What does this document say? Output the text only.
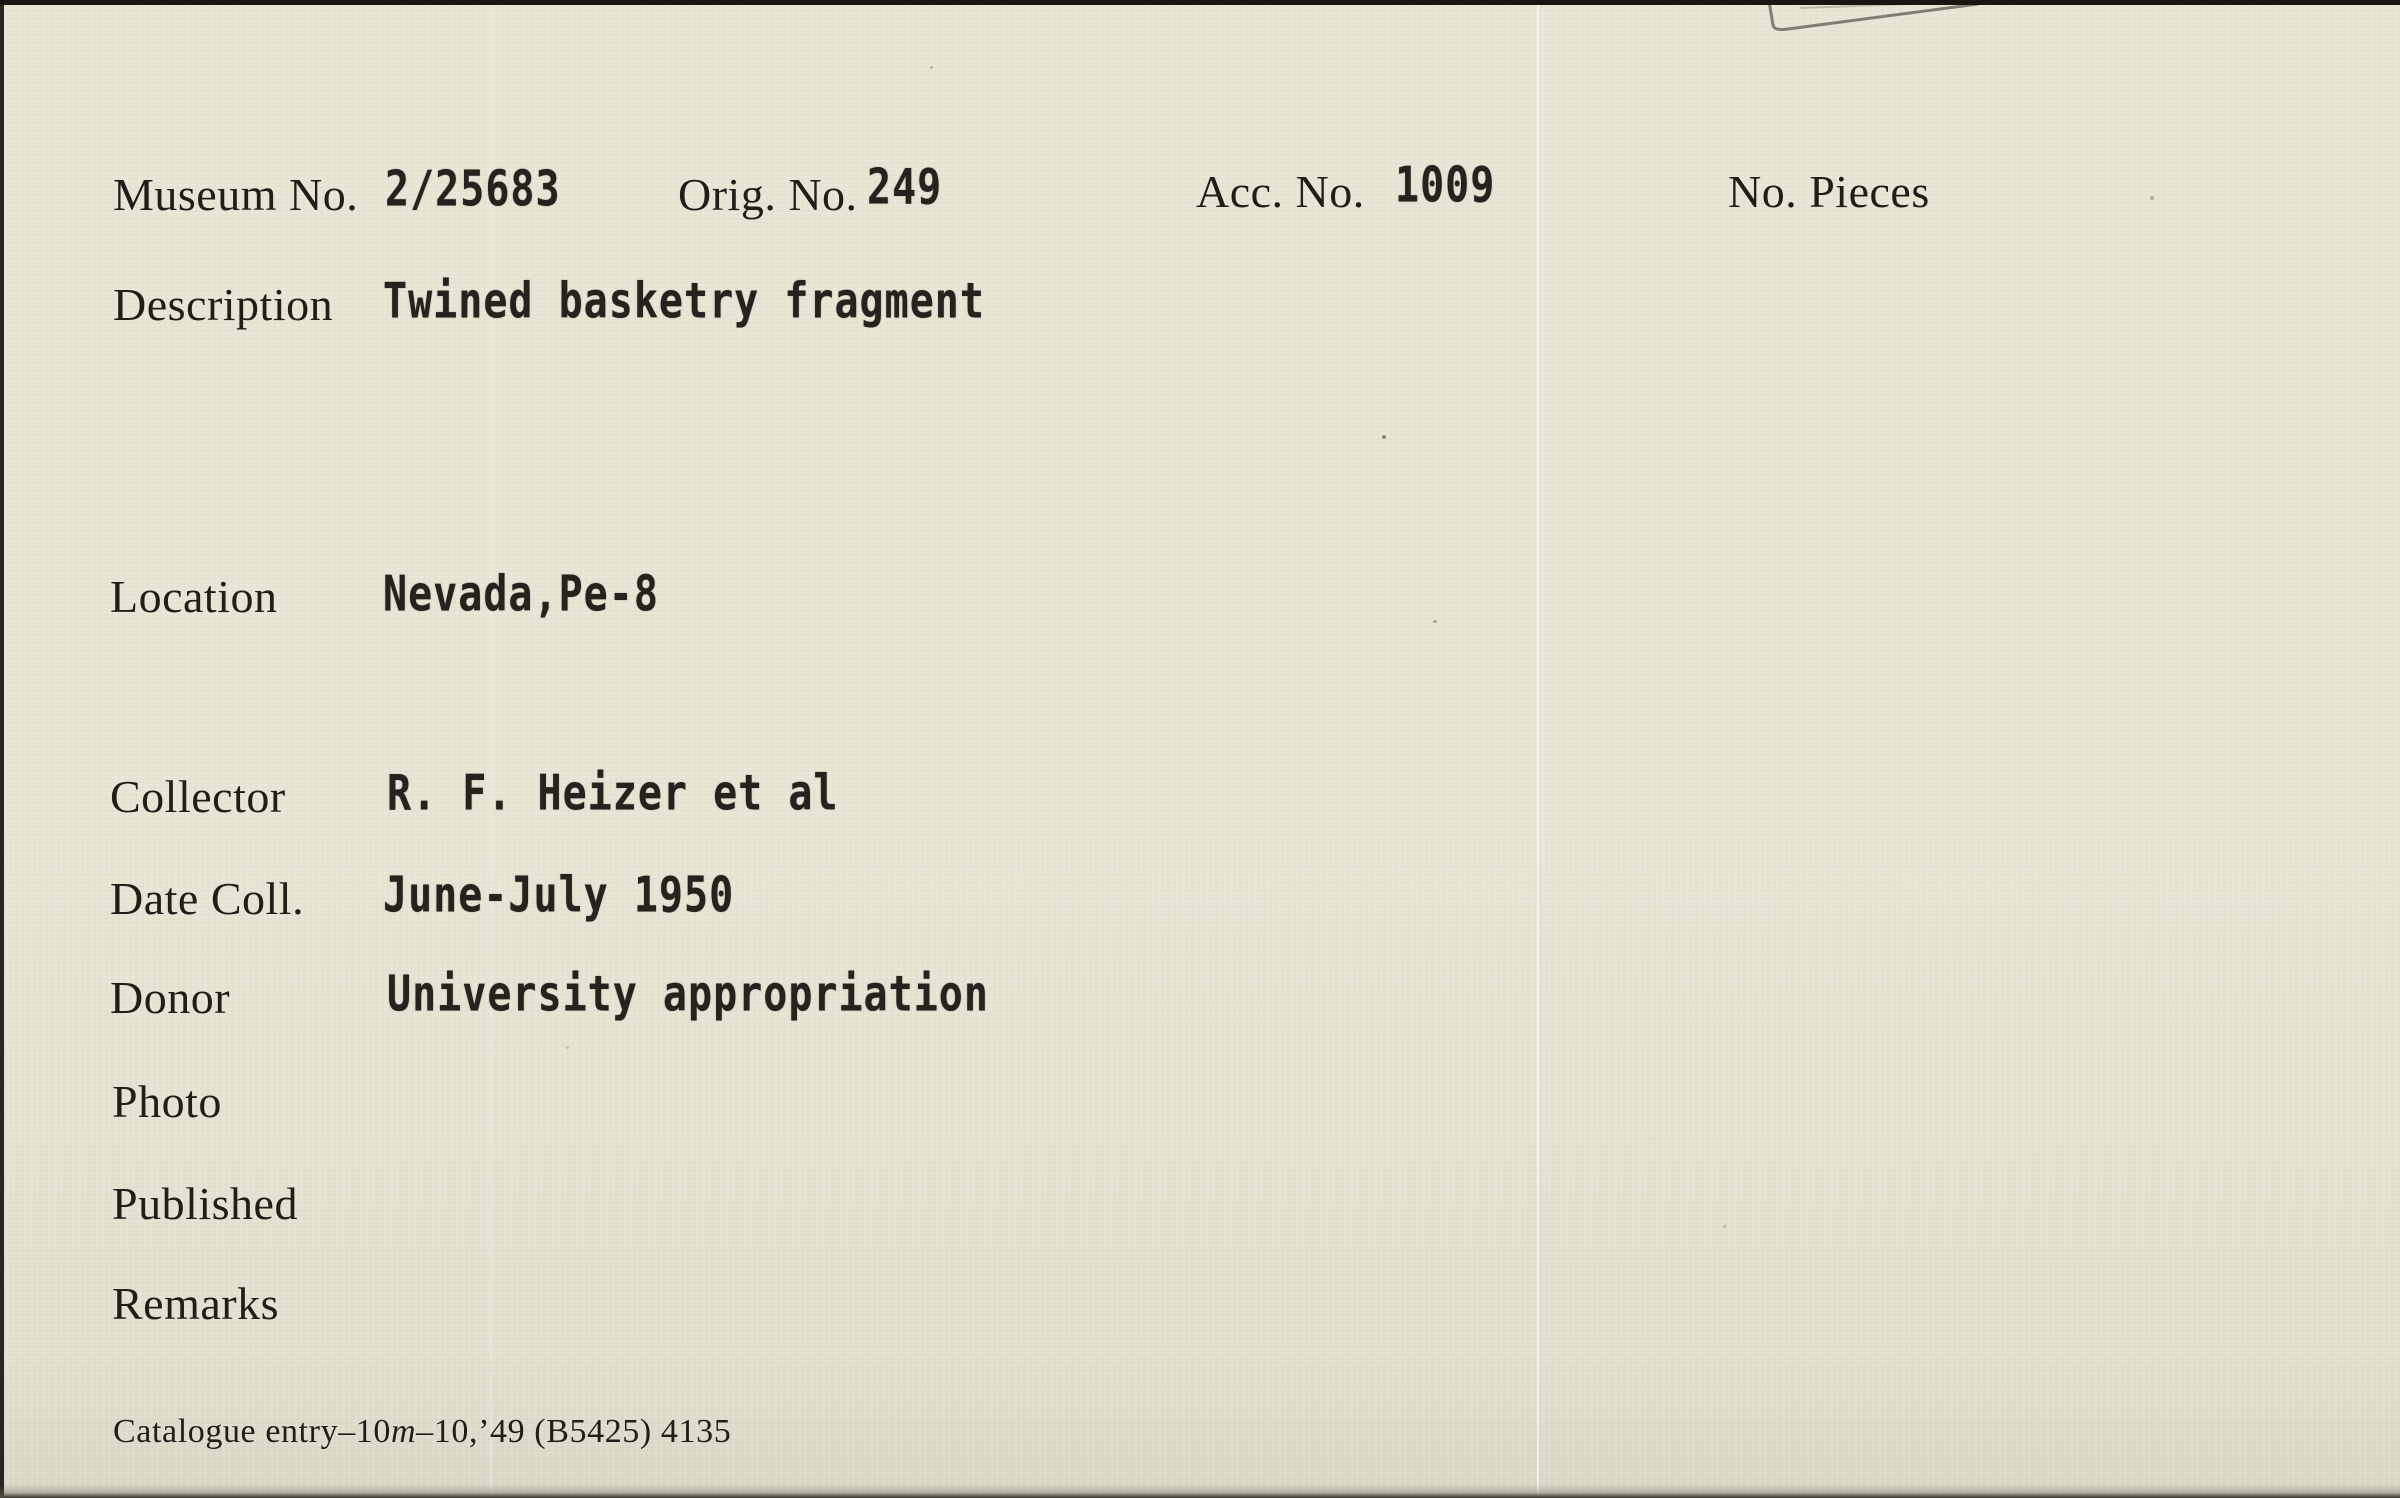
Museum No. 2/25683	Orig. No. 249	Acc. No. 1009	No. Pieces
Description Twined basketry fragment
Location	Nevada,Pe-8
Collector	R. F. Heizer et al
Date Coll. June-July 1950
Donor	University appropriation
Photo
Published
Remarks
Catalogue entry–10m–10,’49 (B5425) 4135
